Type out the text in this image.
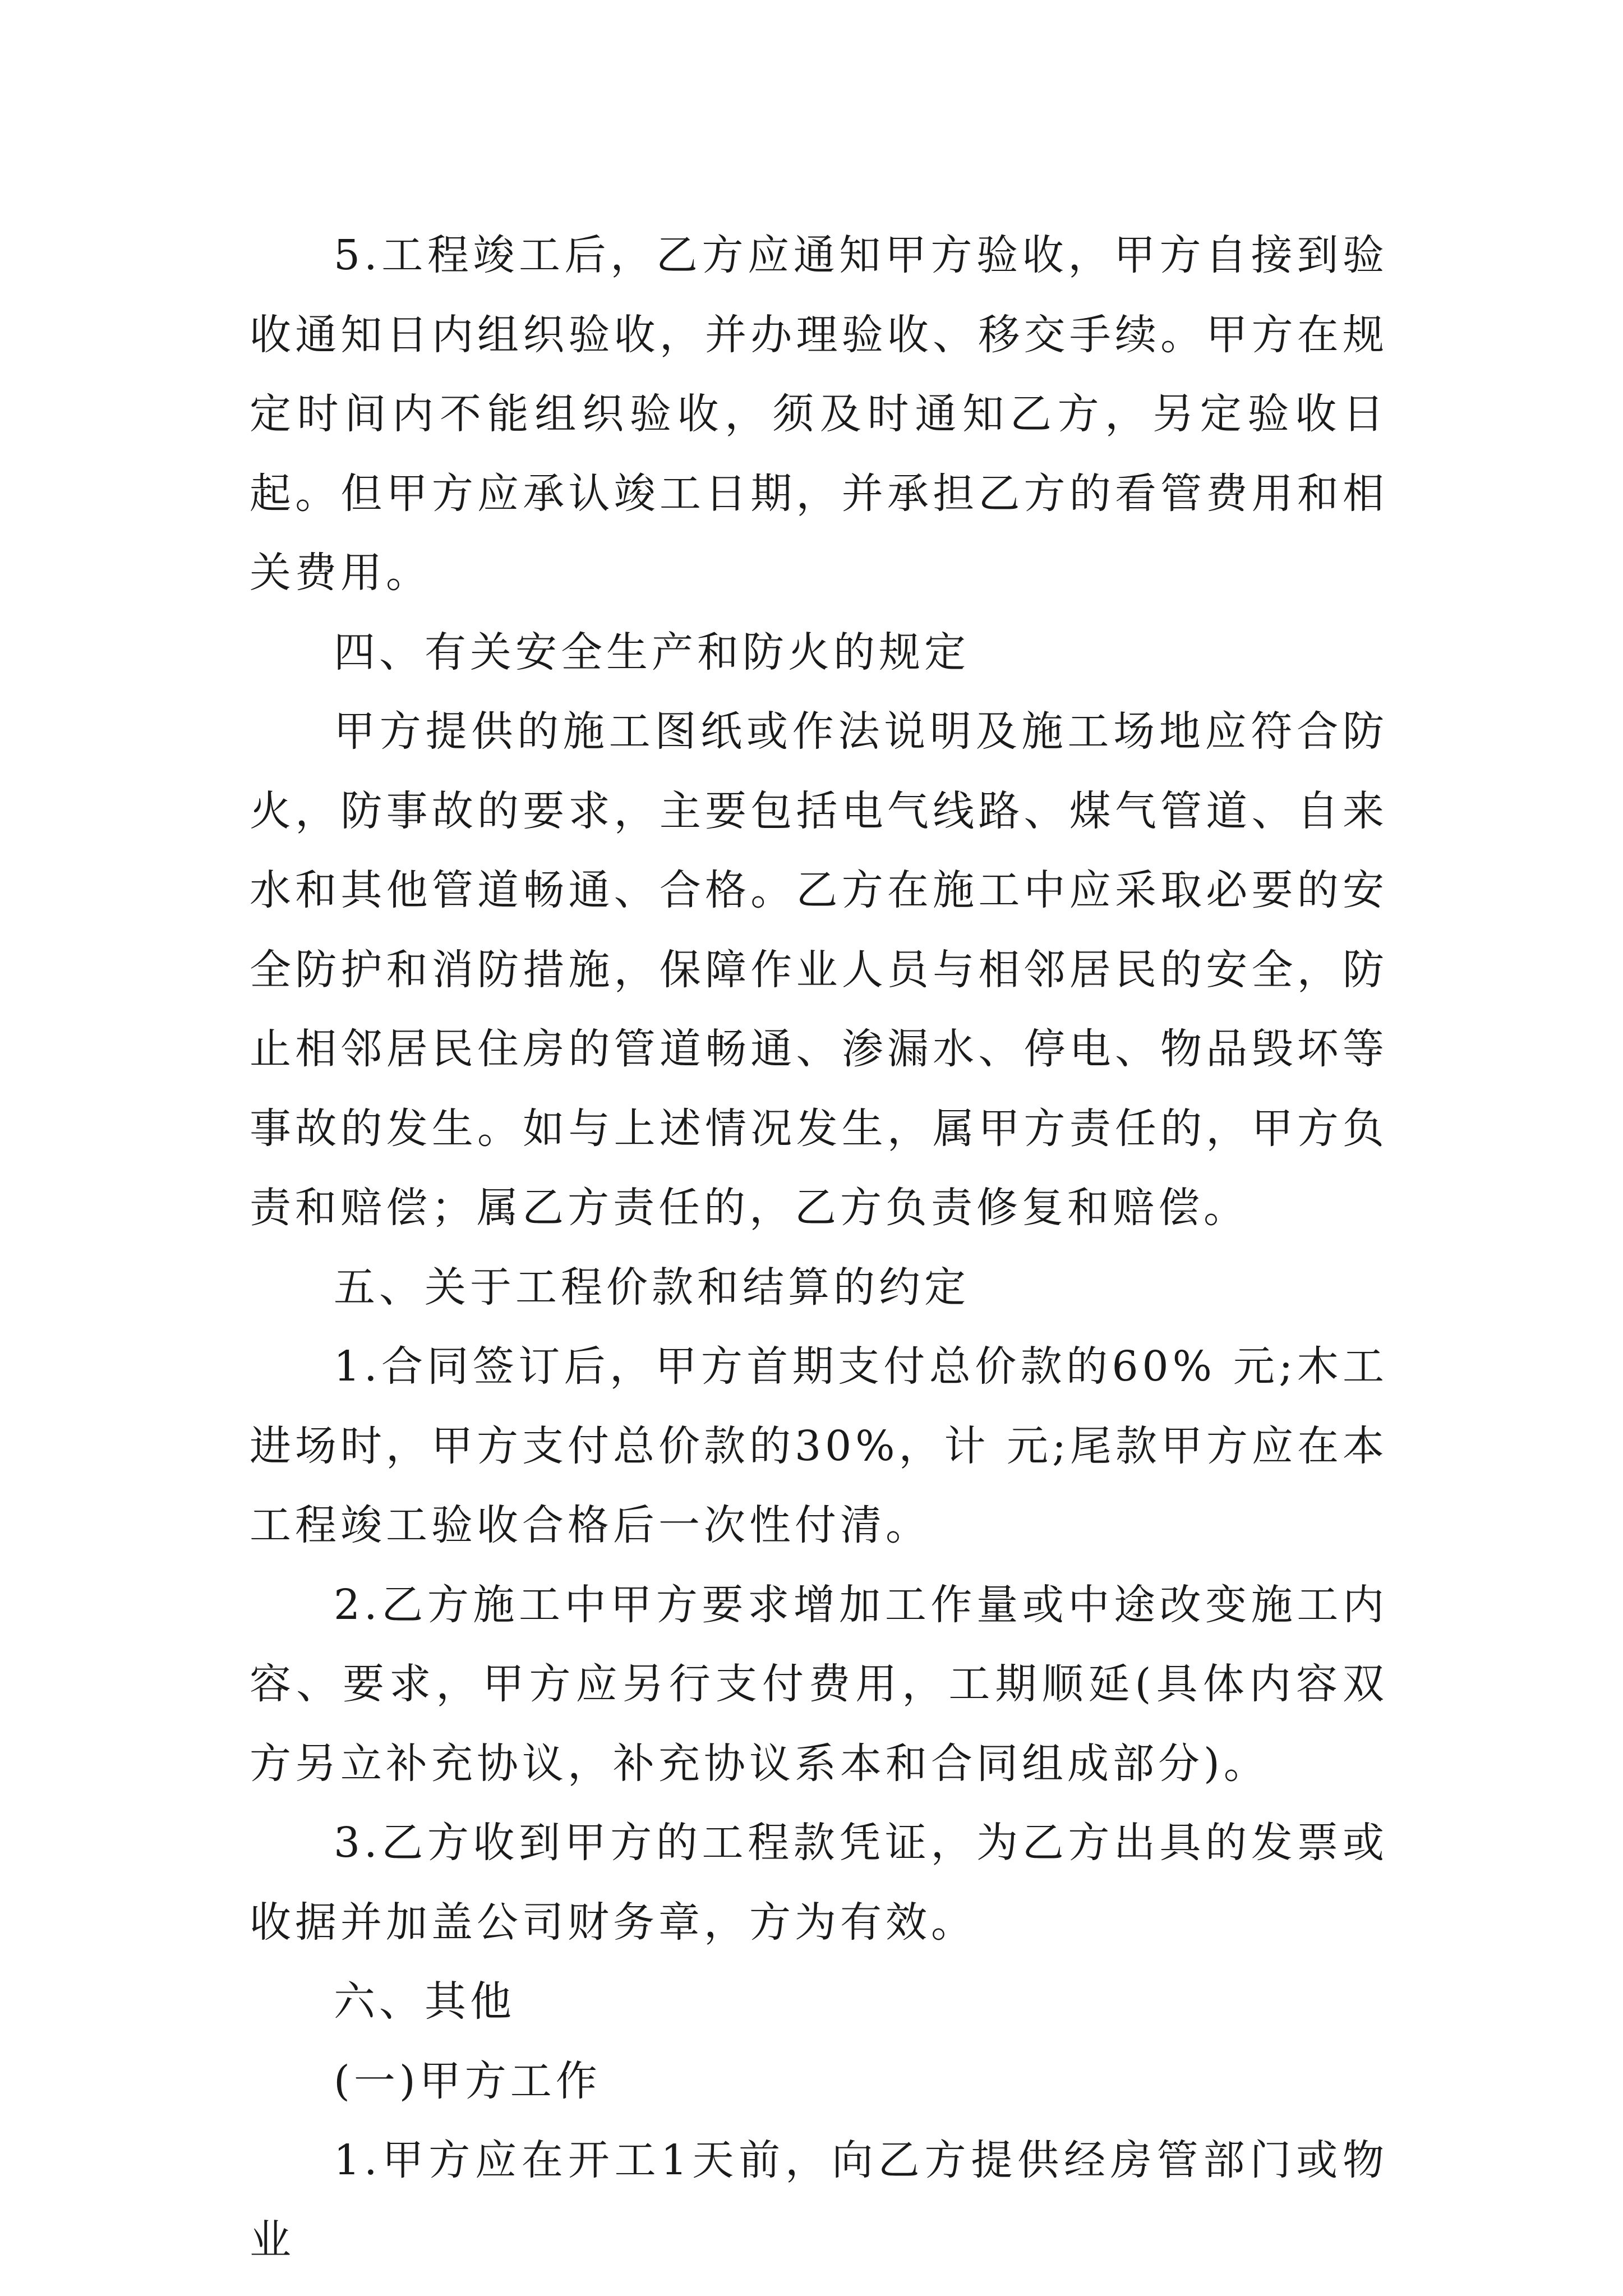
5.工程竣工后，乙方应通知甲方验收，甲方自接到验收通知日内组织验收，并办理验收、移交手续。甲方在规定时间内不能组织验收，须及时通知乙方，另定验收日起。但甲方应承认竣工日期，并承担乙方的看管费用和相关费用。

四、有关安全生产和防火的规定

甲方提供的施工图纸或作法说明及施工场地应符合防火，防事故的要求，主要包括电气线路、煤气管道、自来水和其他管道畅通、合格。乙方在施工中应采取必要的安全防护和消防措施，保障作业人员与相邻居民的安全，防止相邻居民住房的管道畅通、渗漏水、停电、物品毁坏等事故的发生。如与上述情况发生，属甲方责任的，甲方负责和赔偿；属乙方责任的，乙方负责修复和赔偿。

五、关于工程价款和结算的约定

1.合同签订后，甲方首期支付总价款的60% 元;木工进场时，甲方支付总价款的30%，计 元;尾款甲方应在本工程竣工验收合格后一次性付清。

2.乙方施工中甲方要求增加工作量或中途改变施工内容、要求，甲方应另行支付费用，工期顺延(具体内容双方另立补充协议，补充协议系本和合同组成部分)。

3.乙方收到甲方的工程款凭证，为乙方出具的发票或收据并加盖公司财务章，方为有效。

六、其他

(一)甲方工作

1.甲方应在开工1天前，向乙方提供经房管部门或物业
